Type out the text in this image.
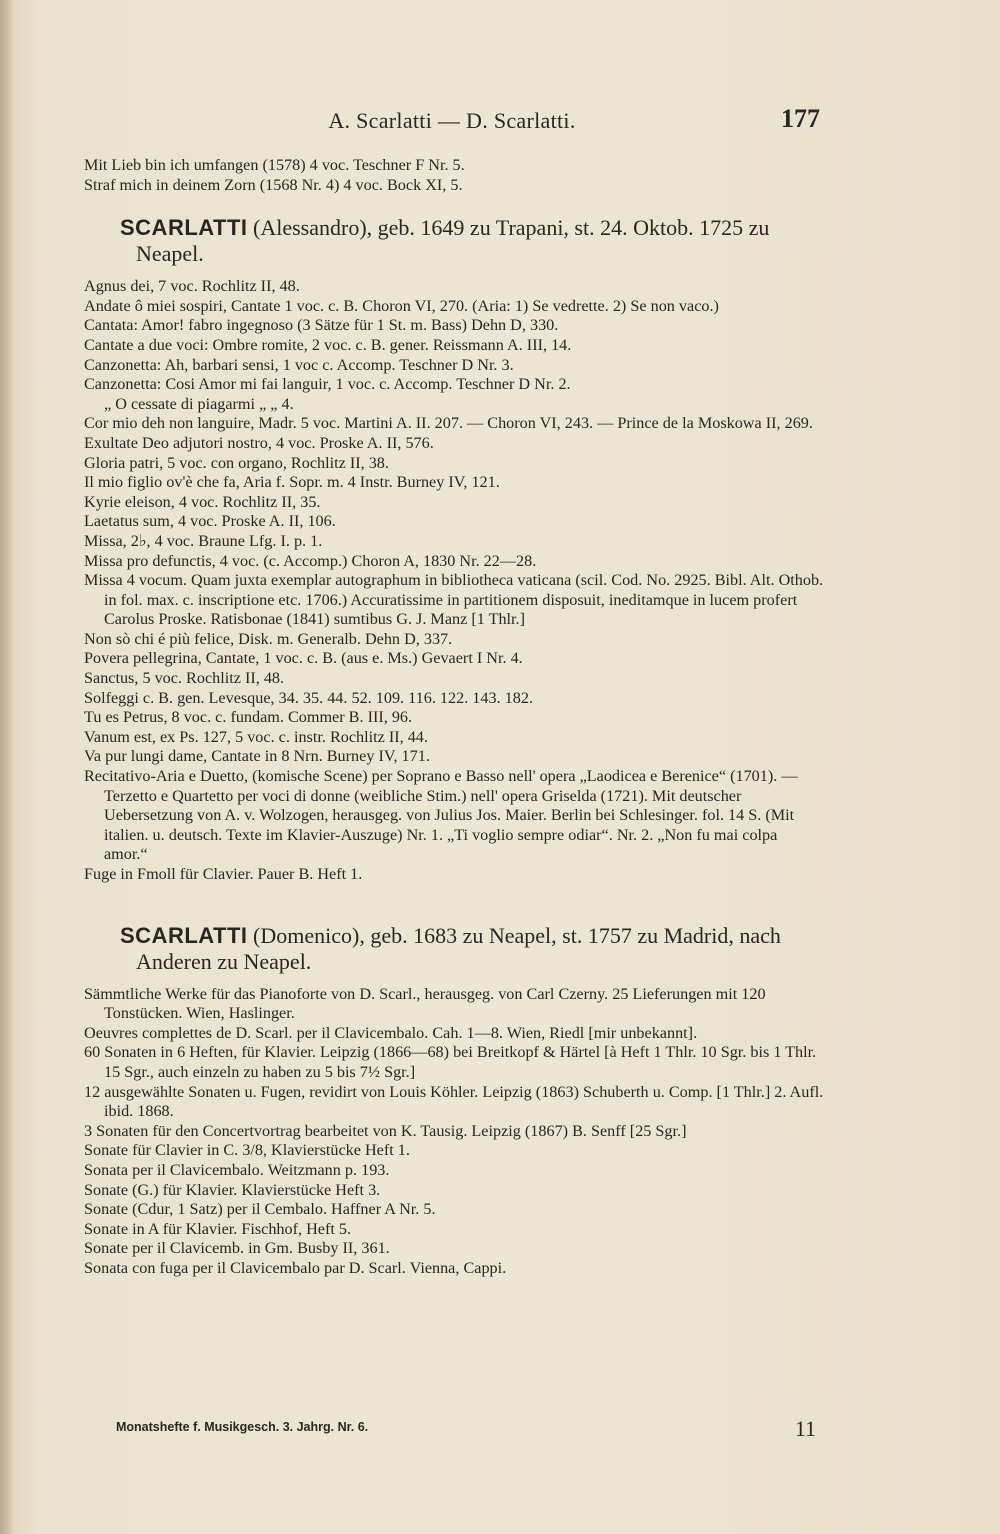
A. Scarlatti — D. Scarlatti.	177
Mit Lieb bin ich umfangen (1578) 4 voc. Teschner F Nr. 5.
Straf mich in deinem Zorn (1568 Nr. 4) 4 voc. Bock XI, 5.
SCARLATTI (Alessandro), geb. 1649 zu Trapani, st. 24. Oktob. 1725 zu Neapel.
Agnus dei, 7 voc. Rochlitz II, 48.
Andate ô miei sospiri, Cantate 1 voc. c. B. Choron VI, 270. (Aria: 1) Se vedrette. 2) Se non vaco.)
Cantata: Amor! fabro ingegnoso (3 Sätze für 1 St. m. Bass) Dehn D, 330.
Cantate a due voci: Ombre romite, 2 voc. c. B. gener. Reissmann A. III, 14.
Canzonetta: Ah, barbari sensi, 1 voc c. Accomp. Teschner D Nr. 3.
Canzonetta: Cosi Amor mi fai languir, 1 voc. c. Accomp. Teschner D Nr. 2.
„ O cessate di piagarmi „ „ 4.
Cor mio deh non languire, Madr. 5 voc. Martini A. II. 207. — Choron VI, 243. — Prince de la Moskowa II, 269.
Exultate Deo adjutori nostro, 4 voc. Proske A. II, 576.
Gloria patri, 5 voc. con organo, Rochlitz II, 38.
Il mio figlio ov'è che fa, Aria f. Sopr. m. 4 Instr. Burney IV, 121.
Kyrie eleison, 4 voc. Rochlitz II, 35.
Laetatus sum, 4 voc. Proske A. II, 106.
Missa, 2♭, 4 voc. Braune Lfg. I. p. 1.
Missa pro defunctis, 4 voc. (c. Accomp.) Choron A, 1830 Nr. 22—28.
Missa 4 vocum. Quam juxta exemplar autographum in bibliotheca vaticana (scil. Cod. No. 2925. Bibl. Alt. Othob. in fol. max. c. inscriptione etc. 1706.) Accuratissime in partitionem disposuit, ineditamque in lucem profert Carolus Proske. Ratisbonae (1841) sumtibus G. J. Manz [1 Thlr.]
Non sò chi é più felice, Disk. m. Generalb. Dehn D, 337.
Povera pellegrina, Cantate, 1 voc. c. B. (aus e. Ms.) Gevaert I Nr. 4.
Sanctus, 5 voc. Rochlitz II, 48.
Solfeggi c. B. gen. Levesque, 34. 35. 44. 52. 109. 116. 122. 143. 182.
Tu es Petrus, 8 voc. c. fundam. Commer B. III, 96.
Vanum est, ex Ps. 127, 5 voc. c. instr. Rochlitz II, 44.
Va pur lungi dame, Cantate in 8 Nrn. Burney IV, 171.
Recitativo-Aria e Duetto, (komische Scene) per Soprano e Basso nell' opera „Laodicea e Berenice“ (1701). — Terzetto e Quartetto per voci di donne (weibliche Stim.) nell' opera Griselda (1721). Mit deutscher Uebersetzung von A. v. Wolzogen, herausgeg. von Julius Jos. Maier. Berlin bei Schlesinger. fol. 14 S. (Mit italien. u. deutsch. Texte im Klavier-Auszuge) Nr. 1. „Ti voglio sempre odiar“. Nr. 2. „Non fu mai colpa amor.“
Fuge in Fmoll für Clavier. Pauer B. Heft 1.
SCARLATTI (Domenico), geb. 1683 zu Neapel, st. 1757 zu Madrid, nach Anderen zu Neapel.
Sämmtliche Werke für das Pianoforte von D. Scarl., herausgeg. von Carl Czerny. 25 Lieferungen mit 120 Tonstücken. Wien, Haslinger.
Oeuvres complettes de D. Scarl. per il Clavicembalo. Cah. 1—8. Wien, Riedl [mir unbekannt].
60 Sonaten in 6 Heften, für Klavier. Leipzig (1866—68) bei Breitkopf & Härtel [à Heft 1 Thlr. 10 Sgr. bis 1 Thlr. 15 Sgr., auch einzeln zu haben zu 5 bis 7½ Sgr.]
12 ausgewählte Sonaten u. Fugen, revidirt von Louis Köhler. Leipzig (1863) Schuberth u. Comp. [1 Thlr.] 2. Aufl. ibid. 1868.
3 Sonaten für den Concertvortrag bearbeitet von K. Tausig. Leipzig (1867) B. Senff [25 Sgr.]
Sonate für Clavier in C. 3/8, Klavierstücke Heft 1.
Sonata per il Clavicembalo. Weitzmann p. 193.
Sonate (G.) für Klavier. Klavierstücke Heft 3.
Sonate (Cdur, 1 Satz) per il Cembalo. Haffner A Nr. 5.
Sonate in A für Klavier. Fischhof, Heft 5.
Sonate per il Clavicemb. in Gm. Busby II, 361.
Sonata con fuga per il Clavicembalo par D. Scarl. Vienna, Cappi.
Monatshefte f. Musikgesch. 3. Jahrg. Nr. 6.	11
